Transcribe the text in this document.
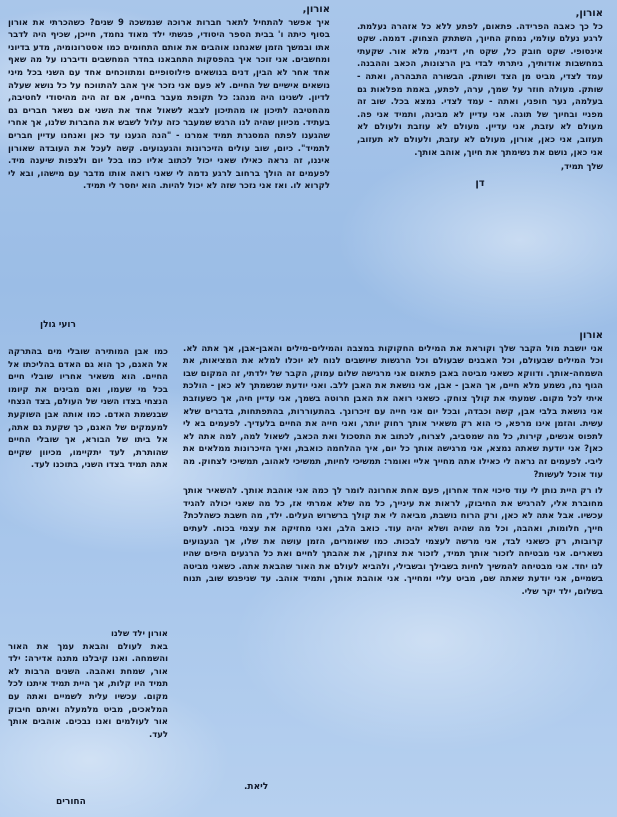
אורון,

כל כך כאבה הפרידה. פתאום, לפתע ללא כל אזהרה נעלמת. לרגע נעלם עולמי, נמחק החיוך, השתתק הצחוק. דממה. שקט אינסופי. שקט חובק כל, שקט חי, דינמי, מלא אור. שקעתי במחשבות אודותיך, ניתרתי לבדי בין הרצונות, הכאב וההבנה. עמד לצדי, מביט מן הצד ושותק. הבשורה התבהרה, ואתה - שותק. מעולה חוזר על שמך, ערה, לפתע, באמת מפלאות גם בעלמה, נער חופני, ואתה - עמד לצדי. נמצא בכל. שוב זה מפניי ובחיוך של תוגה. אני עדיין לא מבינה, ותמיד אני פה. מעולם לא עזבת, אני עדיין. מעולם לא עוזבת ולעולם לא תעזוב, אני כאן, אורון, מעולם לא עזבת, ולעולם לא תעזוב, אני כאן, נושם את נשימתך את חיוך, אוהב אותך.

שלך תמיד,

דן

אורון,

איך אפשר להתחיל לתאר חברות ארוכה שנמשכה 9 שנים? כשהכרתי את אורון בסוף כיתה ו' בבית הספר היסודי, פגשתי ילד מאוד נחמד, חייכן, שכיף היה לדבר אתו ובמשך הזמן שאנחנו אוהבים את אותם התחומים כמו אסטרונומיה, מדע בדיוני ומחשבים. אני זוכר איך בהפסקות התחבאנו בחדר המחשבים ודיברנו על מה שאף אחד אחר לא הבין, דנים בנושאים פילוסופיים ומתווכחים אחד עם השני בכל מיני נושאים אישיים של החיים. לא פעם אני נזכר איך אהב להתווכח על כל נושא שעלה לדיון. לשנינו היה מנהג: כל תקופת מעבר בחיים, אם זה היה מהיסודי לחטיבה, מהחטיבה לתיכון או מהתיכון לצבא לשאול אחד את השני אם נשאר חברים גם בעתיד. מכיוון שהיה לנו הרגש שמעבר כזה עלול לשבש את החברות שלנו, אך אחרי שהגענו לפתח המסגרת תמיד אמרנו - "הנה הגענו עד כאן ואנחנו עדיין חברים לתמיד". כיום, שוב עולים הזיכרונות והגעגועים. קשה לעכל את העובדה שאורון איננו, זה נראה כאילו שאני יכול לכתוב אליו כמו בכל יום ולצפות שיענה מיד. לפעמים זה הולך ברחוב לרגע נדמה לי שאני רואה אותו מדבר עם מישהו, ובא לי לקרוא לו. ואז אני נזכר שזה לא יכול להיות. הוא יחסר לי תמיד.

רועי גולן

כמו אבן המותירה שובלי מים בהתרקה אל האגם, כך הוא גם האדם בהליכתו אל החיים. הוא משאיר אחריו שובלי חיים בכל מי שעמו, ואם מבינים את קיומו הנצחי בצדו השני של העולם, בצד הנצחי שבנשמת האדם. כמו אותה אבן השוקעת למעמקים של האגם, כך שקעת גם אתה, אל ביתו של הבורא, אך שובלי החיים שהותרת, לעד יתקיימו, מכיוון שקיים אתה תמיד בצדו השני, בתוכנו לעד.

אורון

אני יושבת מול הקבר שלך וקוראת את המילים החקוקות במצבה והמילים-מילים והאבן-אבן, אך אתה לא. וכל המילים שבעולם, וכל האבנים שבעולם וכל הרגשות שיושבים לנוח לא יוכלו למלא את המציאות, את השמחה-אותך. ודווקא כשאני מביטה באבן פתאום אני מרגישה שלום עמוק, הקבר של ילדתי, זה המקום שבו הגוף נח, נשמע מלא חיים, אך האבן - אבן, אני נושאת את האבן ללב. ואני יודעת שנשמתך לא כאן - הולכת איתי לכל מקום. שמעתי את קולך צוחק. כשאני רואה את האבן חרוטה בשמך, אני עדיין חיה, אך כשעוזבת אני נושאת בלבי אבן, קשה וכבדה, ובכל יום אני חייה עם זיכרונך. בהתעוררות, בהתפתחות, בדברים שלא עשית. והזמן אינו מרפא, כי הוא רק משאיר אותך רחוק יותר, ואני חייה את החיים בלעדיך. לפעמים בא לי לתפוס אנשים, קירות, כל מה שמסביב, לצרוח, לכתוב את התסכול ואת הכאב, לשאול למה, למה אתה לא כאן? אני יודעת שאתה נמצא, אני מרגישה אותך כל יום, איך ההלחמה כואבת, ואיך הזיכרונות ממלאים את ליבי. לפעמים זה נראה לי כאילו אתה מחייך אליי ואומר: תמשיכי לחיות, תמשיכי לאהוב, תמשיכי לצחוק. מה עוד אוכל לעשות?

לו רק היית נותן לי עוד סיכוי אחד אחרון, פעם אחת אחרונה לומר לך כמה אני אוהבת אותך. להשאיר אותך מחוברת אלי, להרגיש את החיבוק, לראות את עינייך, כל מה שלא אמרתי אז, כל מה שאני יכולה להגיד עכשיו. אבל אתה לא כאן, ורק הרוח נושבת, מביאה לי את קולך ברשרוש העלים. ילד, מה חשבת כשהלכת? חייך, חלומות, ואהבה, וכל מה שהיה ושלא יהיה עוד. כואב הלב, ואני מחזיקה את עצמי בכוח. לעתים קרובות, רק כשאני לבד, אני מרשה לעצמי לבכות. כמו שאומרים, הזמן עושה את שלו, אך הגעגועים נשארים. אני מבטיחה לזכור אותך תמיד, לזכור את צחוקך, את אהבתך לחיים ואת כל הרגעים היפים שהיו לנו יחד. אני מבטיחה להמשיך לחיות בשבילך ובשבילי, ולהביא לעולם את האור שהבאת אתה. כשאני מביטה בשמיים, אני יודעת שאתה שם, מביט עליי ומחייך. אני אוהבת אותך, ותמיד אוהב. עד שניפגש שוב, תנוח בשלום, ילד יקר שלי.

ליאת.

אורון ילד שלנו
באת לעולם והבאת עמך את האור והשמחה. ואנו קיבלנו מתנה אדירה: ילד אור, שמחת ואהבה. השנים הרבות לא תמיד היו קלות, אך היית תמיד איתנו לכל מקום. עכשיו עלית לשמיים ואתה עם המלאכים, מביט מלמעלה ואיתם חיבוק אור לעולמים ואנו נבכים. אוהבים אותך לעד.

החורים
